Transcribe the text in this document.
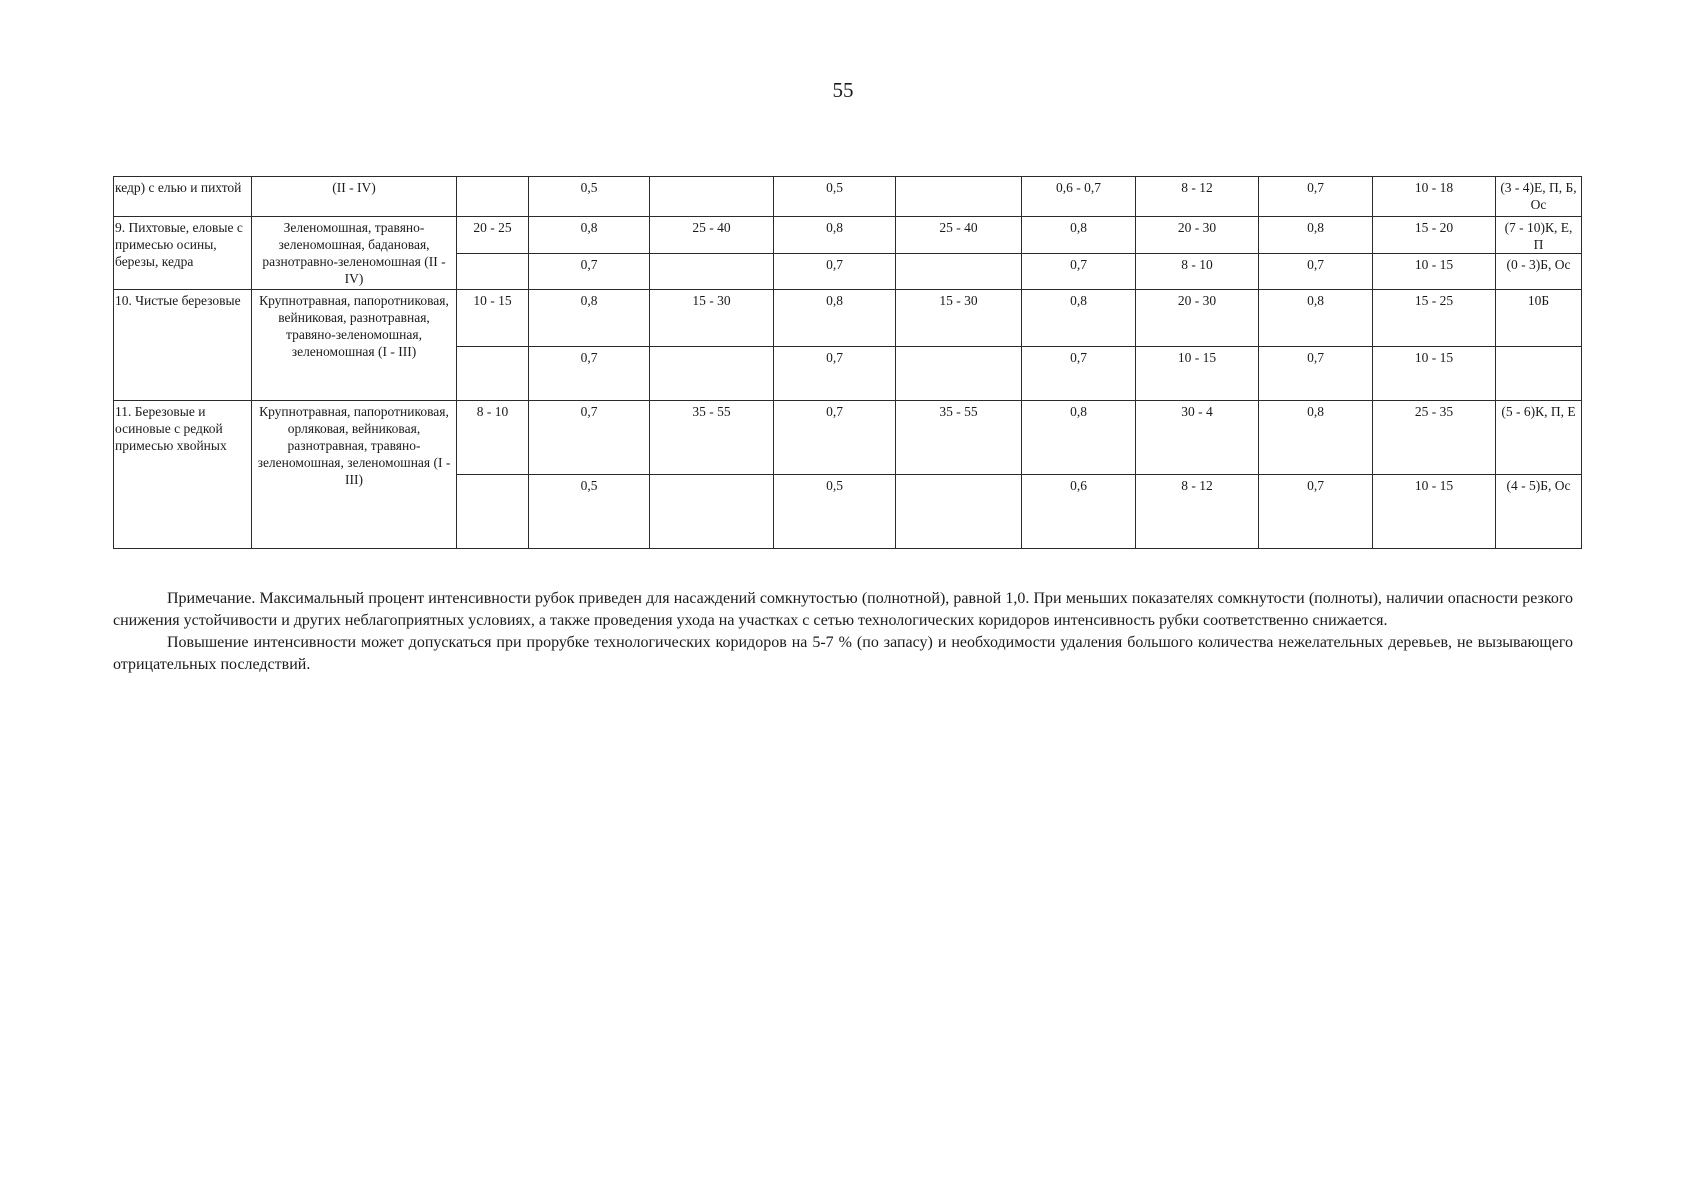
55
кедр) с елью и пихтой	(II - IV)		0,5		0,5		0,6 - 0,7	8 - 12	0,7	10 - 18	(3 - 4)Е, П, Б, Ос
9. Пихтовые, еловые с примесью осины, березы, кедра	Зеленомошная, травяно-зеленомошная, бадановая, разнотравно-зеленомошная (II - IV)	20 - 25	0,8	25 - 40	0,8	25 - 40	0,8	20 - 30	0,8	15 - 20	(7 - 10)К, Е, П
			0,7		0,7		0,7	8 - 10	0,7	10 - 15	(0 - 3)Б, Ос
10. Чистые березовые	Крупнотравная, папоротниковая, вейниковая, разнотравная, травяно-зеленомошная, зеленомошная (I - III)	10 - 15	0,8	15 - 30	0,8	15 - 30	0,8	20 - 30	0,8	15 - 25	10Б
			0,7		0,7		0,7	10 - 15	0,7	10 - 15	
11. Березовые и осиновые с редкой примесью хвойных	Крупнотравная, папоротниковая, орляковая, вейниковая, разнотравная, травяно-зеленомошная, зеленомошная (I - III)	8 - 10	0,7	35 - 55	0,7	35 - 55	0,8	30 - 4	0,8	25 - 35	(5 - 6)К, П, Е
			0,5		0,5		0,6	8 - 12	0,7	10 - 15	(4 - 5)Б, Ос

Примечание. Максимальный процент интенсивности рубок приведен для насаждений сомкнутостью (полнотной), равной 1,0. При меньших показателях сомкнутости (полноты), наличии опасности резкого снижения устойчивости и других неблагоприятных условиях, а также проведения ухода на участках с сетью технологических коридоров интенсивность рубки соответственно снижается.

Повышение интенсивности может допускаться при прорубке технологических коридоров на 5-7 % (по запасу) и необходимости удаления большого количества нежелательных деревьев, не вызывающего отрицательных последствий.
